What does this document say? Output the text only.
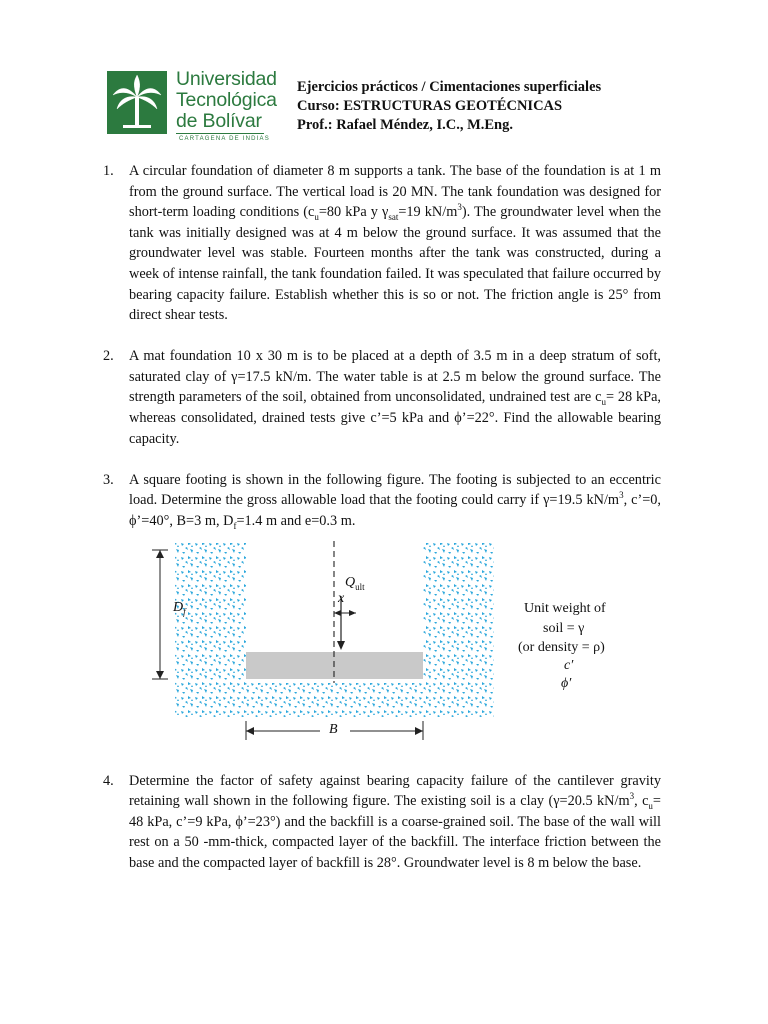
Universidad
Tecnológica
de Bolívar
CARTAGENA DE INDIAS
Ejercicios prácticos / Cimentaciones superficiales
Curso: ESTRUCTURAS GEOTÉCNICAS
Prof.: Rafael Méndez, I.C., M.Eng.
1. A circular foundation of diameter 8 m supports a tank. The base of the foundation is at 1 m from the ground surface. The vertical load is 20 MN. The tank foundation was designed for short-term loading conditions ($c_u=80$ kPa y $\gamma_{sat}=19$ $kN/m^3$). The groundwater level when the tank was initially designed was at 4 m below the ground surface. It was assumed that the groundwater level was stable. Fourteen months after the tank was constructed, during a week of intense rainfall, the tank foundation failed. It was speculated that failure occurred by bearing capacity failure. Establish whether this is so or not. The friction angle is 25° from direct shear tests.
2. A mat foundation 10 x 30 m is to be placed at a depth of 3.5 m in a deep stratum of soft, saturated clay of γ=17.5 kN/m. The water table is at 2.5 m below the ground surface. The strength parameters of the soil, obtained from unconsolidated, undrained test are $c_u= 28$ kPa, whereas consolidated, drained tests give c’=5 kPa and ϕ’=22°. Find the allowable bearing capacity.
3. A square footing is shown in the following figure. The footing is subjected to an eccentric load. Determine the gross allowable load that the footing could carry if γ=19.5 $kN/m^3$, c’=0, ϕ’=40°, B=3 m, $D_f=1.4$ m and e=0.3 m.
$D_f$
$Q_{ult}$
x
B
Unit weight of
soil = γ
(or density = ρ)
c′
ϕ′
4. Determine the factor of safety against bearing capacity failure of the cantilever gravity retaining wall shown in the following figure. The existing soil is a clay (γ=20.5 $kN/m^3$, $c_u= 48$ kPa, c’=9 kPa, ϕ’=23°) and the backfill is a coarse-grained soil. The base of the wall will rest on a 50 -mm-thick, compacted layer of the backfill. The interface friction between the base and the compacted layer of backfill is 28°. Groundwater level is 8 m below the base.
